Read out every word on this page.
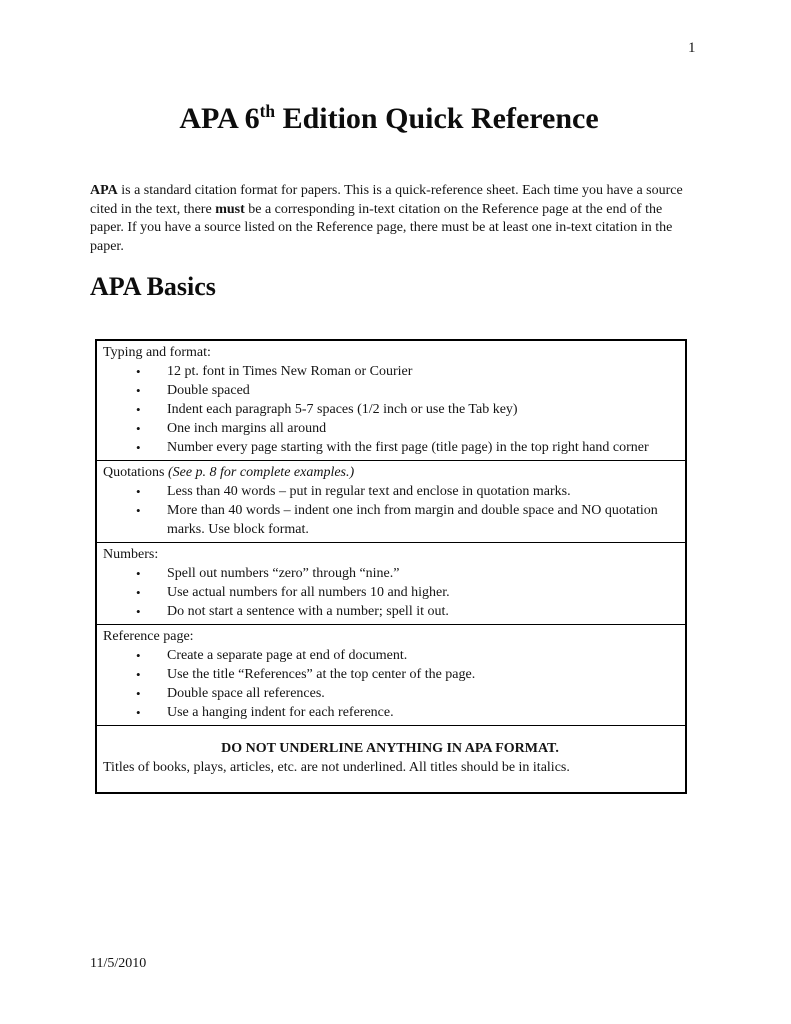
1
APA 6th Edition Quick Reference

APA is a standard citation format for papers. This is a quick-reference sheet. Each time you have a source cited in the text, there must be a corresponding in-text citation on the Reference page at the end of the paper. If you have a source listed on the Reference page, there must be at least one in-text citation in the paper.

APA Basics
Typing and format:
• 12 pt. font in Times New Roman or Courier
• Double spaced
• Indent each paragraph 5-7 spaces (1/2 inch or use the Tab key)
• One inch margins all around
• Number every page starting with the first page (title page) in the top right hand corner
Quotations (See p. 8 for complete examples.)
• Less than 40 words – put in regular text and enclose in quotation marks.
• More than 40 words – indent one inch from margin and double space and NO quotation marks. Use block format.
Numbers:
• Spell out numbers “zero” through “nine.”
• Use actual numbers for all numbers 10 and higher.
• Do not start a sentence with a number; spell it out.
Reference page:
• Create a separate page at end of document.
• Use the title “References” at the top center of the page.
• Double space all references.
• Use a hanging indent for each reference.
DO NOT UNDERLINE ANYTHING IN APA FORMAT.
Titles of books, plays, articles, etc. are not underlined. All titles should be in italics.
11/5/2010
